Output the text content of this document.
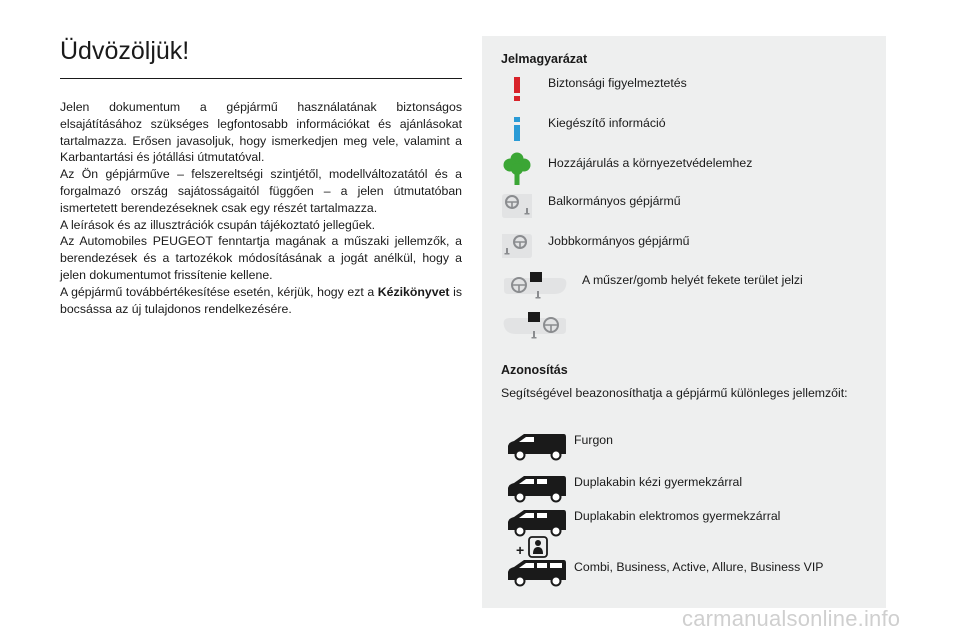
Üdvözöljük!

Jelen dokumentum a gépjármű használatának biztonságos elsajátításához szükséges legfontosabb információkat és ajánlásokat tartalmazza. Erősen javasoljuk, hogy ismerkedjen meg vele, valamint a Karbantartási és jótállási útmutatóval.

Az Ön gépjárműve – felszereltségi szintjétől, modellváltozatától és a forgalmazó ország sajátosságaitól függően – a jelen útmutatóban ismertetett berendezéseknek csak egy részét tartalmazza.

A leírások és az illusztrációk csupán tájékoztató jellegűek.

Az Automobiles PEUGEOT fenntartja magának a műszaki jellemzők, a berendezések és a tartozékok módosításának a jogát anélkül, hogy a jelen dokumentumot frissítenie kellene.

A gépjármű továbbértékesítése esetén, kérjük, hogy ezt a Kézikönyvet is bocsássa az új tulajdonos rendelkezésére.

Jelmagyarázat
Biztonsági figyelmeztetés
Kiegészítő információ
Hozzájárulás a környezetvédelemhez
Balkormányos gépjármű
Jobbkormányos gépjármű
A műszer/gomb helyét fekete terület jelzi
Azonosítás
Segítségével beazonosíthatja a gépjármű különleges jellemzőit:
Furgon
Duplakabin kézi gyermekzárral
Duplakabin elektromos gyermekzárral
+
Combi, Business, Active, Allure, Business VIP
carmanualsonline.info
